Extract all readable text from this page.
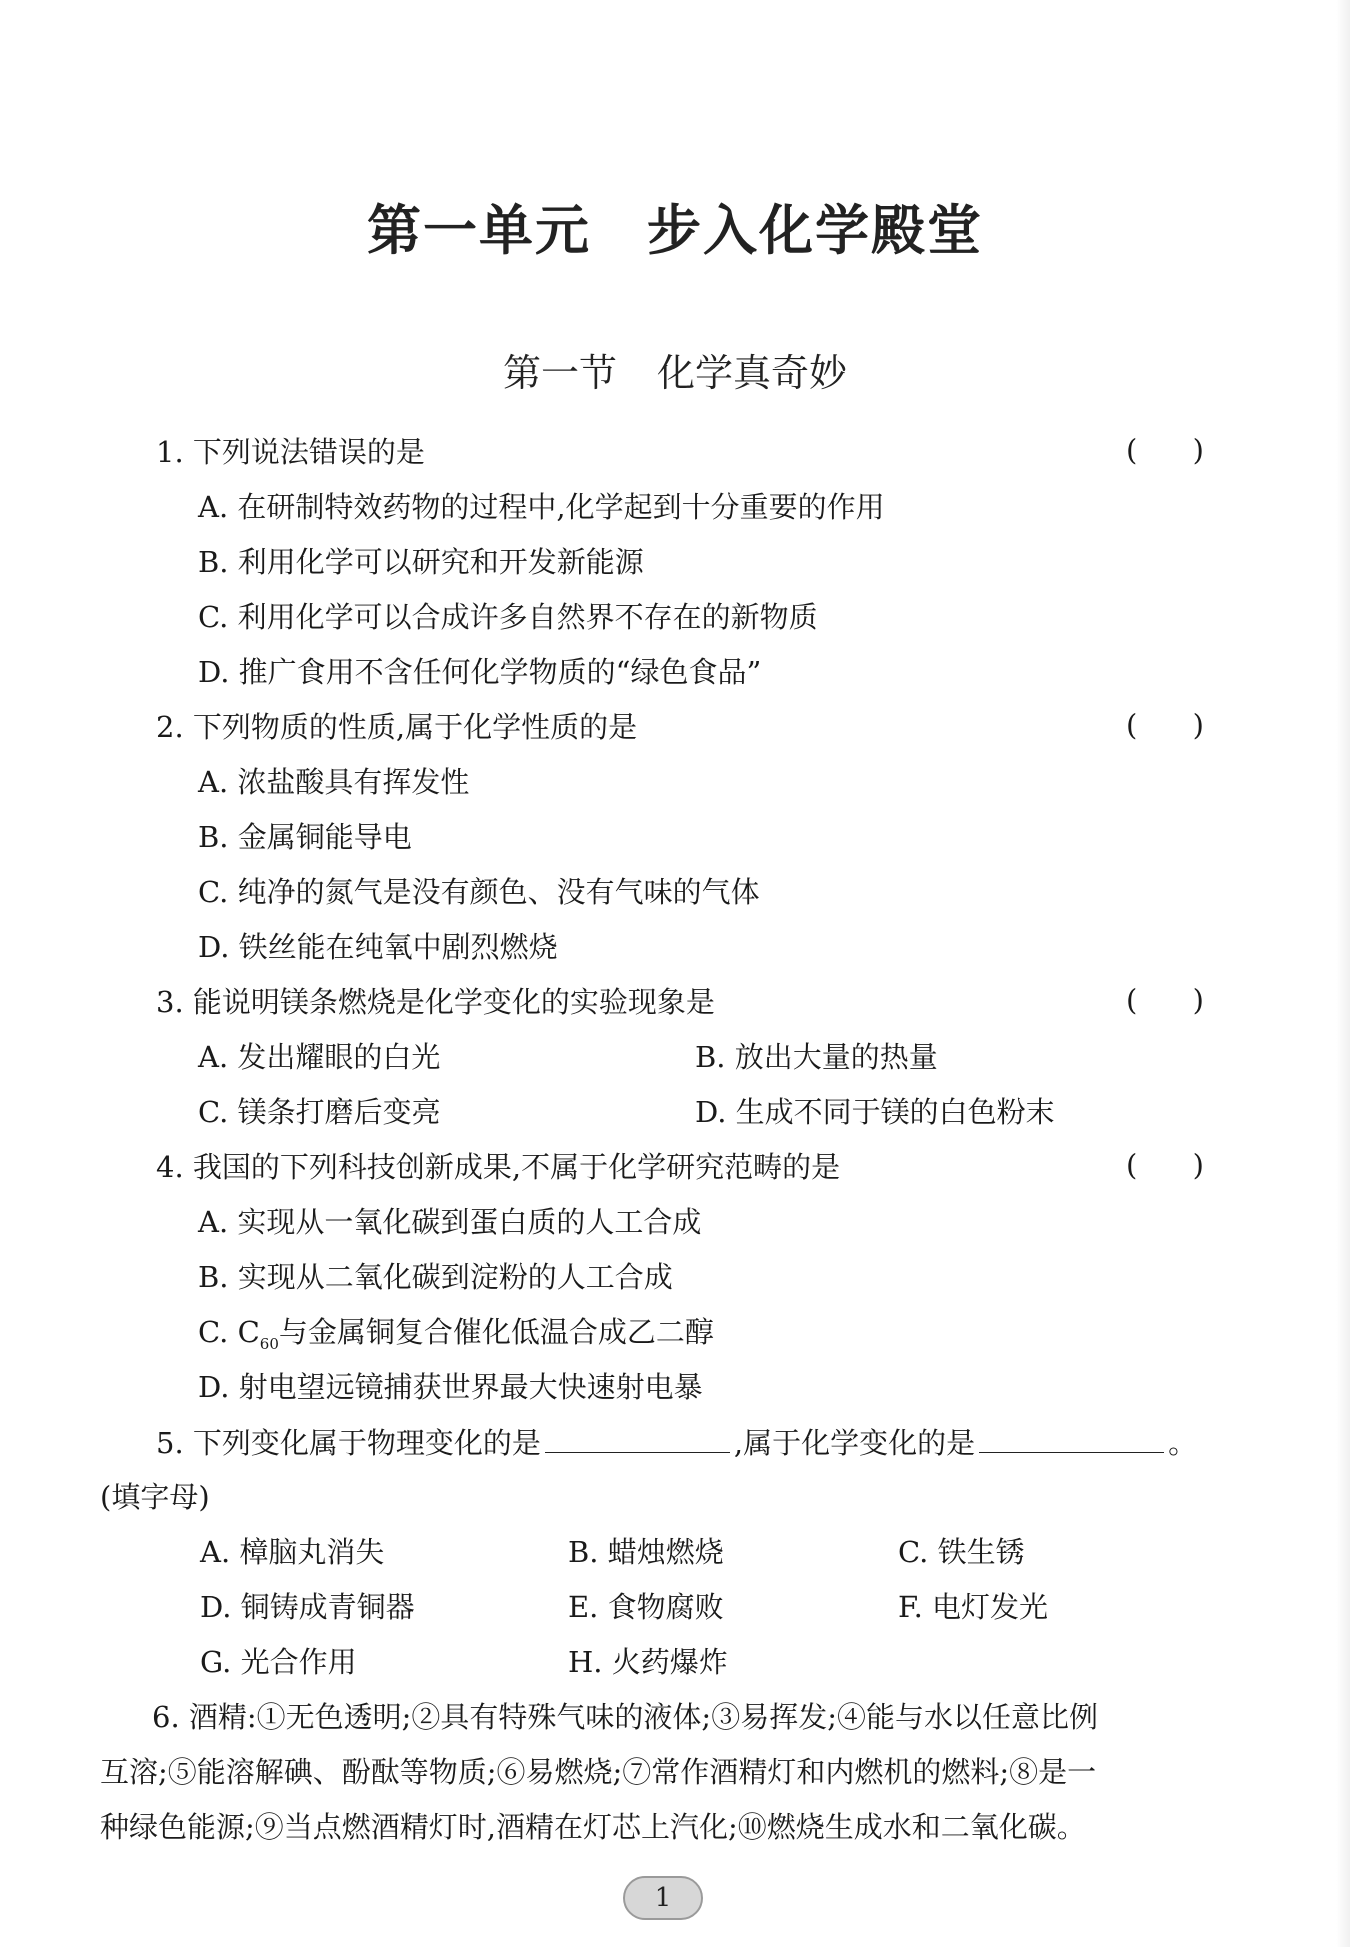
第一单元 步入化学殿堂
第一节 化学真奇妙
1. 下列说法错误的是	(      )
A. 在研制特效药物的过程中,化学起到十分重要的作用
B. 利用化学可以研究和开发新能源
C. 利用化学可以合成许多自然界不存在的新物质
D. 推广食用不含任何化学物质的“绿色食品”
2. 下列物质的性质,属于化学性质的是	(      )
A. 浓盐酸具有挥发性
B. 金属铜能导电
C. 纯净的氮气是没有颜色、没有气味的气体
D. 铁丝能在纯氧中剧烈燃烧
3. 能说明镁条燃烧是化学变化的实验现象是	(      )
A. 发出耀眼的白光	B. 放出大量的热量
C. 镁条打磨后变亮	D. 生成不同于镁的白色粉末
4. 我国的下列科技创新成果,不属于化学研究范畴的是	(      )
A. 实现从一氧化碳到蛋白质的人工合成
B. 实现从二氧化碳到淀粉的人工合成
C. $C_{60}$与金属铜复合催化低温合成乙二醇
D. 射电望远镜捕获世界最大快速射电暴
5. 下列变化属于物理变化的是	,属于化学变化的是	。
(填字母)
A. 樟脑丸消失	B. 蜡烛燃烧	C. 铁生锈
D. 铜铸成青铜器	E. 食物腐败	F. 电灯发光
G. 光合作用	H. 火药爆炸
6. 酒精:①无色透明;②具有特殊气味的液体;③易挥发;④能与水以任意比例
互溶;⑤能溶解碘、酚酞等物质;⑥易燃烧;⑦常作酒精灯和内燃机的燃料;⑧是一
种绿色能源;⑨当点燃酒精灯时,酒精在灯芯上汽化;⑩燃烧生成水和二氧化碳。
1
